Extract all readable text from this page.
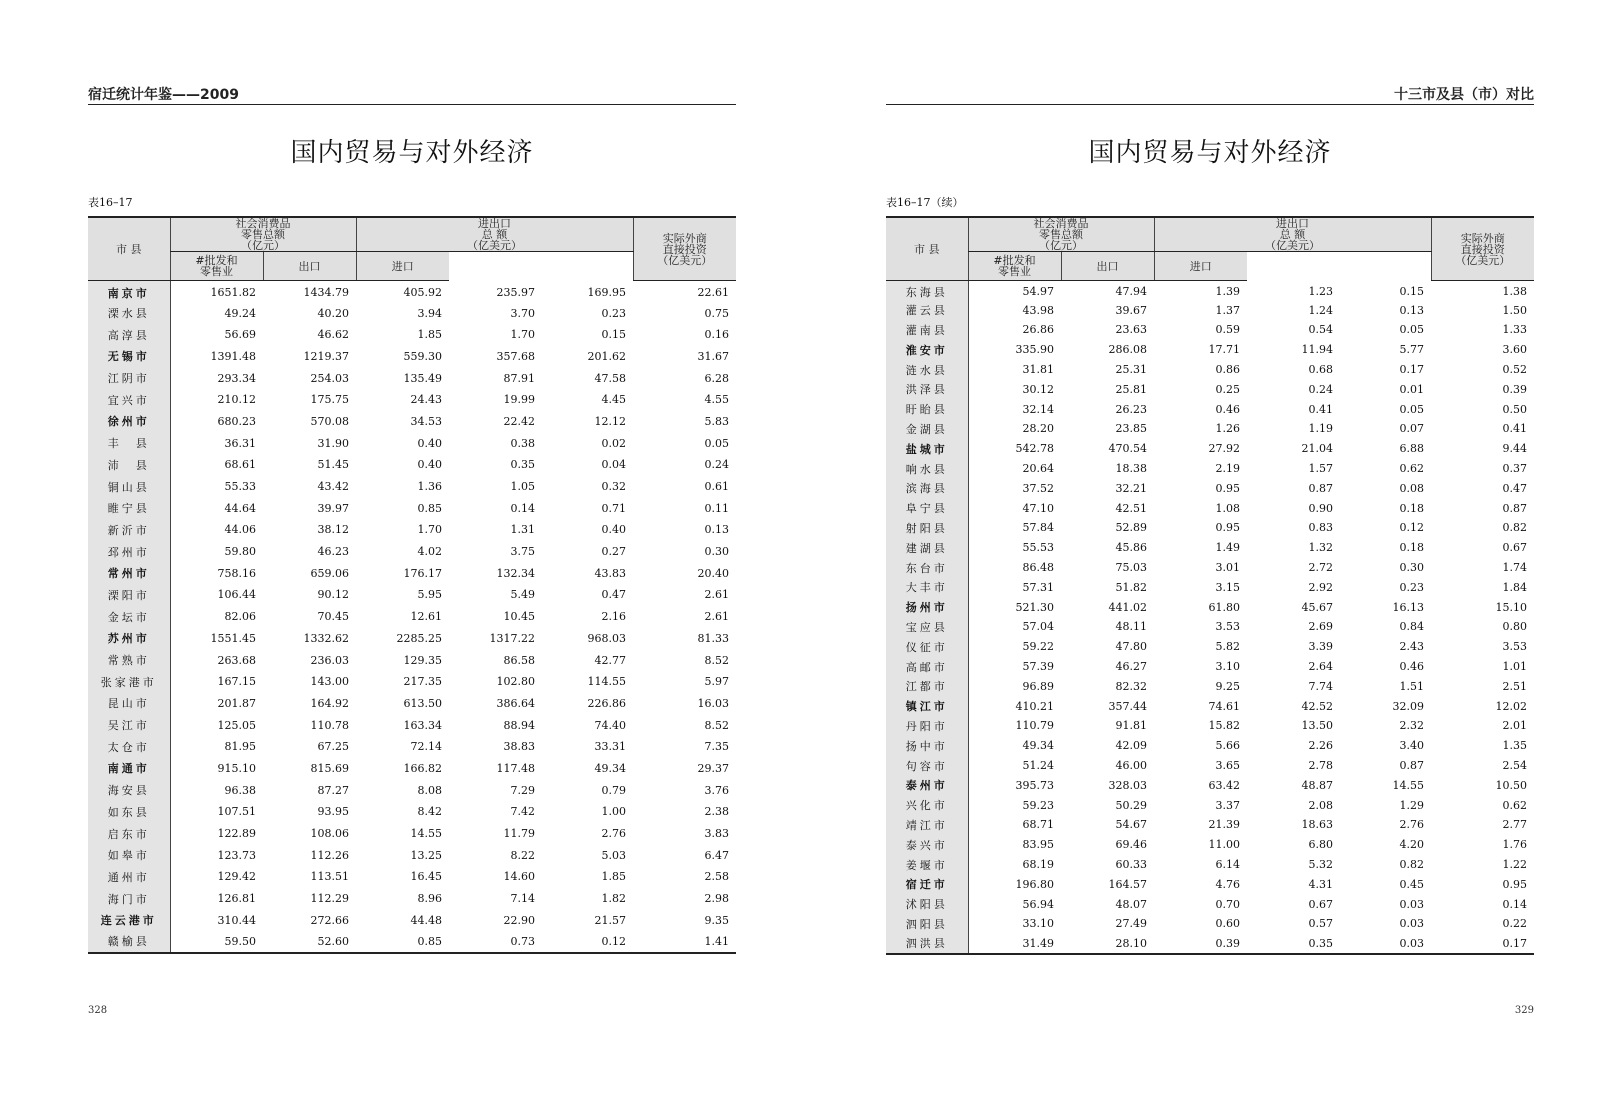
宿迁统计年鉴——2009
国内贸易与对外经济
表16–17
市 县	社会消费品
零售总额
（亿元）		进出口
总 额
（亿美元）			实际外商
直接投资
（亿美元）
	#批发和
零售业	出口	进口			
南京市	1651.82	1434.79	405.92	235.97	169.95	22.61
溧水县	49.24	40.20	3.94	3.70	0.23	0.75
高淳县	56.69	46.62	1.85	1.70	0.15	0.16
无锡市	1391.48	1219.37	559.30	357.68	201.62	31.67
江阴市	293.34	254.03	135.49	87.91	47.58	6.28
宜兴市	210.12	175.75	24.43	19.99	4.45	4.55
徐州市	680.23	570.08	34.53	22.42	12.12	5.83
丰　县	36.31	31.90	0.40	0.38	0.02	0.05
沛　县	68.61	51.45	0.40	0.35	0.04	0.24
铜山县	55.33	43.42	1.36	1.05	0.32	0.61
睢宁县	44.64	39.97	0.85	0.14	0.71	0.11
新沂市	44.06	38.12	1.70	1.31	0.40	0.13
邳州市	59.80	46.23	4.02	3.75	0.27	0.30
常州市	758.16	659.06	176.17	132.34	43.83	20.40
溧阳市	106.44	90.12	5.95	5.49	0.47	2.61
金坛市	82.06	70.45	12.61	10.45	2.16	2.61
苏州市	1551.45	1332.62	2285.25	1317.22	968.03	81.33
常熟市	263.68	236.03	129.35	86.58	42.77	8.52
张家港市	167.15	143.00	217.35	102.80	114.55	5.97
昆山市	201.87	164.92	613.50	386.64	226.86	16.03
吴江市	125.05	110.78	163.34	88.94	74.40	8.52
太仓市	81.95	67.25	72.14	38.83	33.31	7.35
南通市	915.10	815.69	166.82	117.48	49.34	29.37
海安县	96.38	87.27	8.08	7.29	0.79	3.76
如东县	107.51	93.95	8.42	7.42	1.00	2.38
启东市	122.89	108.06	14.55	11.79	2.76	3.83
如皋市	123.73	112.26	13.25	8.22	5.03	6.47
通州市	129.42	113.51	16.45	14.60	1.85	2.58
海门市	126.81	112.29	8.96	7.14	1.82	2.98
连云港市	310.44	272.66	44.48	22.90	21.57	9.35
赣榆县	59.50	52.60	0.85	0.73	0.12	1.41
328
十三市及县（市）对比
国内贸易与对外经济
表16–17（续）
市 县	社会消费品
零售总额
（亿元）		进出口
总 额
（亿美元）			实际外商
直接投资
（亿美元）
	#批发和
零售业	出口	进口			
东海县	54.97	47.94	1.39	1.23	0.15	1.38
灌云县	43.98	39.67	1.37	1.24	0.13	1.50
灌南县	26.86	23.63	0.59	0.54	0.05	1.33
淮安市	335.90	286.08	17.71	11.94	5.77	3.60
涟水县	31.81	25.31	0.86	0.68	0.17	0.52
洪泽县	30.12	25.81	0.25	0.24	0.01	0.39
盱眙县	32.14	26.23	0.46	0.41	0.05	0.50
金湖县	28.20	23.85	1.26	1.19	0.07	0.41
盐城市	542.78	470.54	27.92	21.04	6.88	9.44
响水县	20.64	18.38	2.19	1.57	0.62	0.37
滨海县	37.52	32.21	0.95	0.87	0.08	0.47
阜宁县	47.10	42.51	1.08	0.90	0.18	0.87
射阳县	57.84	52.89	0.95	0.83	0.12	0.82
建湖县	55.53	45.86	1.49	1.32	0.18	0.67
东台市	86.48	75.03	3.01	2.72	0.30	1.74
大丰市	57.31	51.82	3.15	2.92	0.23	1.84
扬州市	521.30	441.02	61.80	45.67	16.13	15.10
宝应县	57.04	48.11	3.53	2.69	0.84	0.80
仪征市	59.22	47.80	5.82	3.39	2.43	3.53
高邮市	57.39	46.27	3.10	2.64	0.46	1.01
江都市	96.89	82.32	9.25	7.74	1.51	2.51
镇江市	410.21	357.44	74.61	42.52	32.09	12.02
丹阳市	110.79	91.81	15.82	13.50	2.32	2.01
扬中市	49.34	42.09	5.66	2.26	3.40	1.35
句容市	51.24	46.00	3.65	2.78	0.87	2.54
泰州市	395.73	328.03	63.42	48.87	14.55	10.50
兴化市	59.23	50.29	3.37	2.08	1.29	0.62
靖江市	68.71	54.67	21.39	18.63	2.76	2.77
泰兴市	83.95	69.46	11.00	6.80	4.20	1.76
姜堰市	68.19	60.33	6.14	5.32	0.82	1.22
宿迁市	196.80	164.57	4.76	4.31	0.45	0.95
沭阳县	56.94	48.07	0.70	0.67	0.03	0.14
泗阳县	33.10	27.49	0.60	0.57	0.03	0.22
泗洪县	31.49	28.10	0.39	0.35	0.03	0.17
329
